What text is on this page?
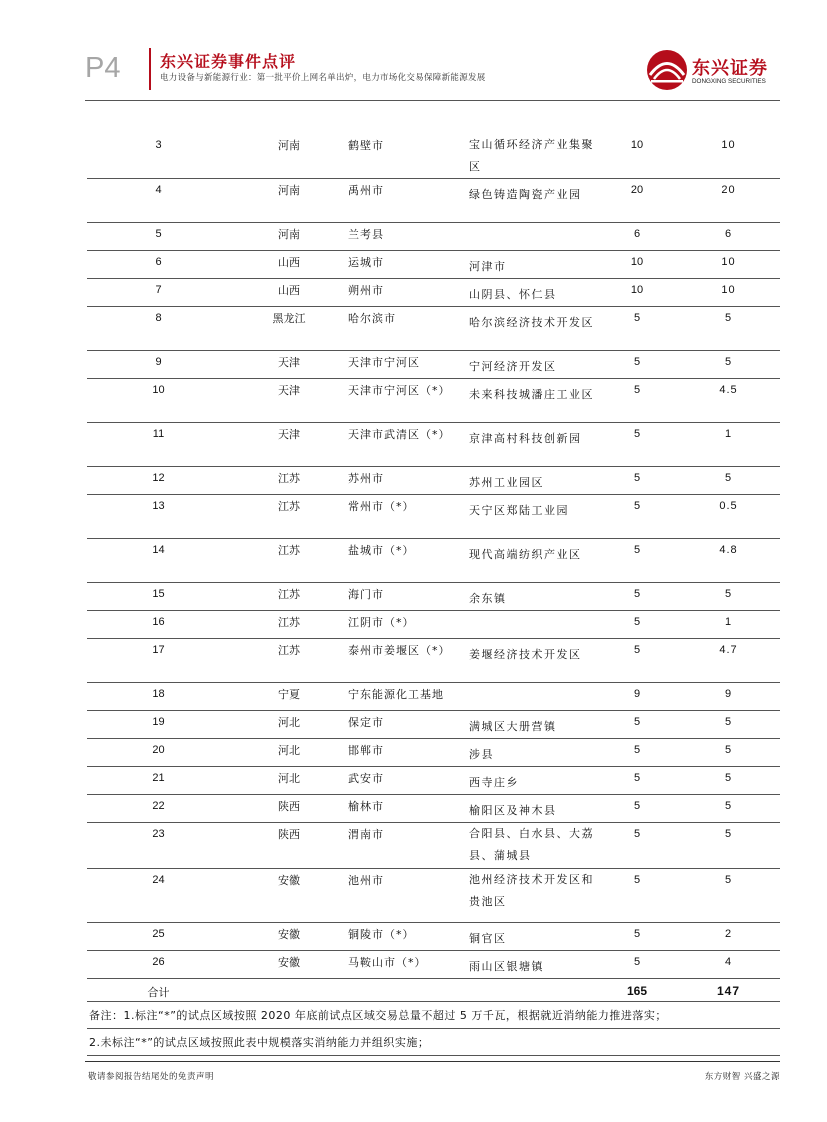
P4 东兴证券事件点评
电力设备与新能源行业：第一批平价上网名单出炉，电力市场化交易保障新能源发展	东兴证券
DONGXING SECURITIES
3	河南	鹤壁市	宝山循环经济产业集聚区	10	10
4	河南	禹州市	绿色铸造陶瓷产业园	20	20
5	河南	兰考县		6	6
6	山西	运城市	河津市	10	10
7	山西	朔州市	山阴县、怀仁县	10	10
8	黑龙江	哈尔滨市	哈尔滨经济技术开发区	5	5
9	天津	天津市宁河区	宁河经济开发区	5	5
10	天津	天津市宁河区（*）	未来科技城潘庄工业区	5	4.5
11	天津	天津市武清区（*）	京津高村科技创新园	5	1
12	江苏	苏州市	苏州工业园区	5	5
13	江苏	常州市（*）	天宁区郑陆工业园	5	0.5
14	江苏	盐城市（*）	现代高端纺织产业区	5	4.8
15	江苏	海门市	余东镇	5	5
16	江苏	江阴市（*）		5	1
17	江苏	泰州市姜堰区（*）	姜堰经济技术开发区	5	4.7
18	宁夏	宁东能源化工基地		9	9
19	河北	保定市	满城区大册营镇	5	5
20	河北	邯郸市	涉县	5	5
21	河北	武安市	西寺庄乡	5	5
22	陕西	榆林市	榆阳区及神木县	5	5
23	陕西	渭南市	合阳县、白水县、大荔县、蒲城县	5	5
24	安徽	池州市	池州经济技术开发区和贵池区	5	5
25	安徽	铜陵市（*）	铜官区	5	2
26	安徽	马鞍山市（*）	雨山区银塘镇	5	4
合计				165	147
备注：1.标注“*”的试点区域按照 2020 年底前试点区域交易总量不超过 5 万千瓦，根据就近消纳能力推进落实；					
2.未标注“*”的试点区域按照此表中规模落实消纳能力并组织实施；					
敬请参阅报告结尾处的免责声明	东方财智 兴盛之源
